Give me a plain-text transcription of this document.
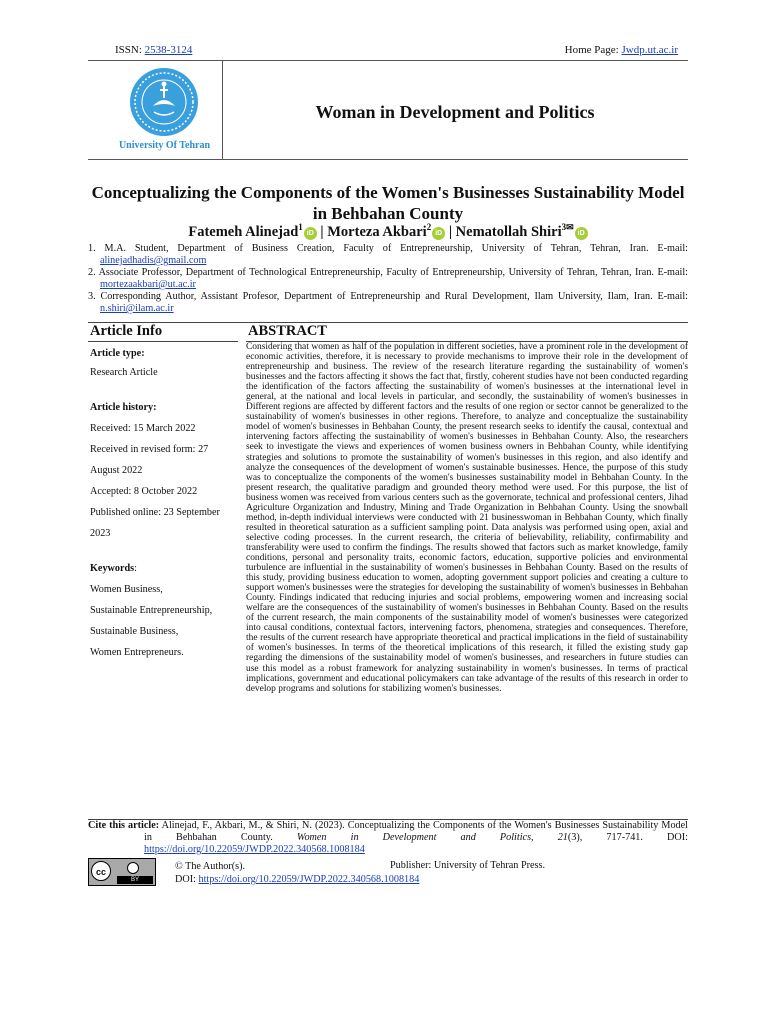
ISSN: 2538-3124	Home Page: Jwdp.ut.ac.ir
University Of Tehran
Woman in Development and Politics
Conceptualizing the Components of the Women's Businesses Sustainability Model in Behbahan County
Fatemeh Alinejad$^1$iD | Morteza Akbari$^2$iD | Nematollah Shiri$^{3✉}$iD

1. M.A. Student, Department of Business Creation, Faculty of Entrepreneurship, University of Tehran, Tehran, Iran. E-mail: alinejadhadis@gmail.com

2. Associate Professor, Department of Technological Entrepreneurship, Faculty of Entrepreneurship, University of Tehran, Tehran, Iran. E-mail: mortezaakbari@ut.ac.ir

3. Corresponding Author, Assistant Profesor, Department of Entrepreneurship and Rural Development, Ilam University, Ilam, Iran. E-mail: n.shiri@ilam.ac.ir

Article Info	ABSTRACT

Article type:

Research Article

Article history:

Received: 15 March 2022

Received in revised form: 27

August 2022

Accepted: 8 October 2022

Published online: 23 September

2023

Keywords:

Women Business,

Sustainable Entrepreneurship,

Sustainable Business,

Women Entrepreneurs.

Considering that women as half of the population in different societies, have a prominent role in the development of economic activities, therefore, it is necessary to provide mechanisms to improve their role in the development of entrepreneurship and business. The review of the research literature regarding the sustainability of women's businesses and the factors affecting it shows the fact that, firstly, coherent studies have not been conducted regarding the identification of the factors affecting the sustainability of women's businesses at the international level in general, at the national and local levels in particular, and secondly, the sustainability of women's businesses in Different regions are affected by different factors and the results of one region or sector cannot be generalized to the sustainability of women's businesses in other regions. Therefore, to analyze and conceptualize the sustainability model of women's businesses in Behbahan County, the present research seeks to identify the causal, contextual and intervening factors affecting the sustainability of women's businesses in Behbahan County. Also, the researchers seek to investigate the views and experiences of women business owners in Behbahan County, while identifying strategies and solutions to promote the sustainability of women's businesses in this region, and also identify and analyze the consequences of the development of women's sustainable businesses. Hence, the purpose of this study was to conceptualize the components of the women's businesses sustainability model in Behbahan County. In the present research, the qualitative paradigm and grounded theory method were used. For this purpose, the list of business women was received from various centers such as the governorate, technical and professional centers, Jihad Agriculture Organization and Industry, Mining and Trade Organization in Behbahan County. Using the snowball method, in-depth individual interviews were conducted with 21 businesswoman in Behbahan County, which finally resulted in theoretical saturation as a sufficient sampling point. Data analysis was performed using open, axial and selective coding processes. In the current research, the criteria of believability, reliability, confirmability and transferability were used to confirm the findings. The results showed that factors such as market knowledge, family conditions, personal and personality traits, economic factors, education, supportive policies and environmental turbulence are influential in the sustainability of women's businesses in Behbahan County. Based on the results of this study, providing business education to women, adopting government support policies and creating a culture to support women's businesses were the strategies for developing the sustainability of women's businesses in Behbahan County. Findings indicated that reducing injuries and social problems, empowering women and increasing social welfare are the consequences of the sustainability of women's businesses in Behbahan County. Based on the results of the current research, the main components of the sustainability model of women's businesses were categorized into causal conditions, contextual factors, intervening factors, phenomena, strategies and consequences. Therefore, the results of the current research have appropriate theoretical and practical implications in the field of sustainability of women's businesses. In terms of the theoretical implications of this research, it filled the existing study gap regarding the dimensions of the sustainability model of women's businesses, and researchers in future studies can use this model as a robust framework for analyzing sustainability in women's businesses. In terms of practical implications, government and educational policymakers can take advantage of the results of this research in order to develop programs and solutions for stabilizing women's businesses.

Cite this article: Alinejad, F., Akbari, M., & Shiri, N. (2023). Conceptualizing the Components of the Women's Businesses Sustainability Model in Behbahan County. Women in Development and Politics, 21(3), 717-741. DOI: https://doi.org/10.22059/JWDP.2022.340568.1008184

cc
BY
© The Author(s).
DOI: https://doi.org/10.22059/JWDP.2022.340568.1008184
Publisher: University of Tehran Press.
